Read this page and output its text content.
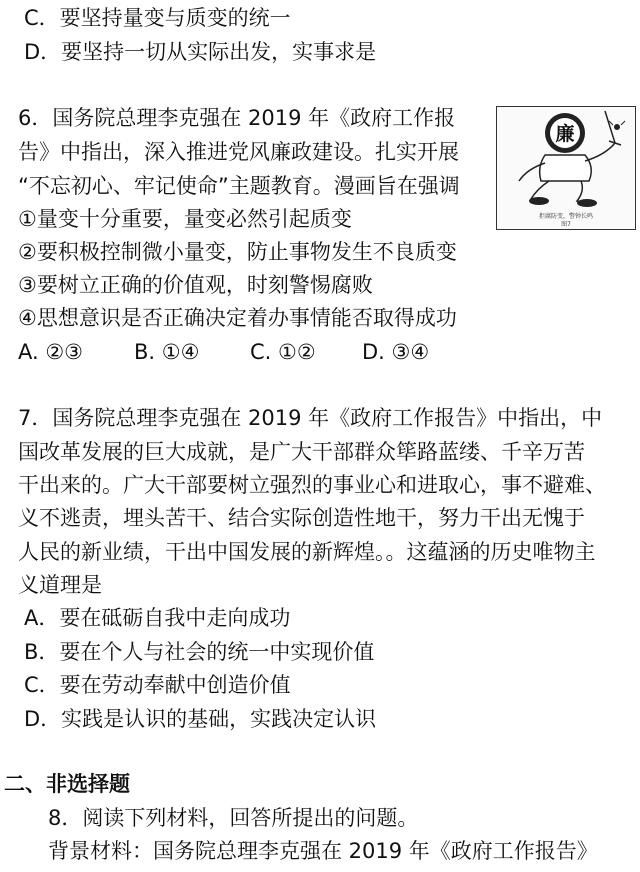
C．要坚持量变与质变的统一
D．要坚持一切从实际出发，实事求是
6．国务院总理李克强在 2019 年《政府工作报
告》中指出，深入推进党风廉政建设。扎实开展
“不忘初心、牢记使命”主题教育。漫画旨在强调
①量变十分重要，量变必然引起质变
②要积极控制微小量变，防止事物发生不良质变
③要树立正确的价值观，时刻警惕腐败
④思想意识是否正确决定着办事情能否取得成功
A. ②③ B. ①④ C. ①② D. ③④
廉
拒腐防变，警钟长鸣
图7
7．国务院总理李克强在 2019 年《政府工作报告》中指出，中
国改革发展的巨大成就，是广大干部群众筚路蓝缕、千辛万苦
干出来的。广大干部要树立强烈的事业心和进取心，事不避难、
义不逃责，埋头苦干、结合实际创造性地干，努力干出无愧于
人民的新业绩，干出中国发展的新辉煌。。这蕴涵的历史唯物主
义道理是
A．要在砥砺自我中走向成功
B．要在个人与社会的统一中实现价值
C．要在劳动奉献中创造价值
D．实践是认识的基础，实践决定认识
二、非选择题
8．阅读下列材料，回答所提出的问题。
背景材料：国务院总理李克强在 2019 年《政府工作报告》
